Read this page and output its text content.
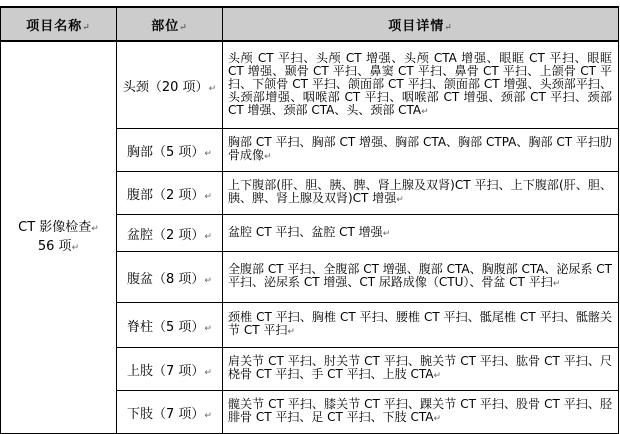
项目名称↵	部位↵	项目详情↵
CT 影像检查↵
56 项↵	头颈（20 项）↵	头颅 CT 平扫、头颅 CT 增强、头颅 CTA 增强、眼眶 CT 平扫、眼眶 CT 增强、颞骨 CT 平扫、鼻窦 CT 平扫、鼻骨 CT 平扫、上颌骨 CT 平扫、下颌骨 CT 平扫、颌面部 CT 平扫、颌面部 CT 增强、头颈部平扫、头颈部增强、咽喉部 CT 平扫、咽喉部 CT 增强、颈部 CT 平扫、颈部 CT 增强、颈部 CTA、头、颈部 CTA↵
	胸部（5 项）↵	胸部 CT 平扫、胸部 CT 增强、胸部 CTA、胸部 CTPA、胸部 CT 平扫肋骨成像↵
	腹部（2 项）↵	上下腹部(肝、胆、胰、脾、肾上腺及双肾)CT 平扫、上下腹部(肝、胆、胰、脾、肾上腺及双肾)CT 增强↵
	盆腔（2 项）↵	盆腔 CT 平扫、盆腔 CT 增强↵
	腹盆（8 项）↵	全腹部 CT 平扫、全腹部 CT 增强、腹部 CTA、胸腹部 CTA、泌尿系 CT 平扫、泌尿系 CT 增强、CT 尿路成像（CTU）、骨盆 CT 平扫↵
	脊柱（5 项）↵	颈椎 CT 平扫、胸椎 CT 平扫、腰椎 CT 平扫、骶尾椎 CT 平扫、骶髂关节 CT 平扫↵
	上肢（7 项）↵	肩关节 CT 平扫、肘关节 CT 平扫、腕关节 CT 平扫、肱骨 CT 平扫、尺桡骨 CT 平扫、手 CT 平扫、上肢 CTA↵
	下肢（7 项）↵	髋关节 CT 平扫、膝关节 CT 平扫、踝关节 CT 平扫、股骨 CT 平扫、胫腓骨 CT 平扫、足 CT 平扫、下肢 CTA↵
